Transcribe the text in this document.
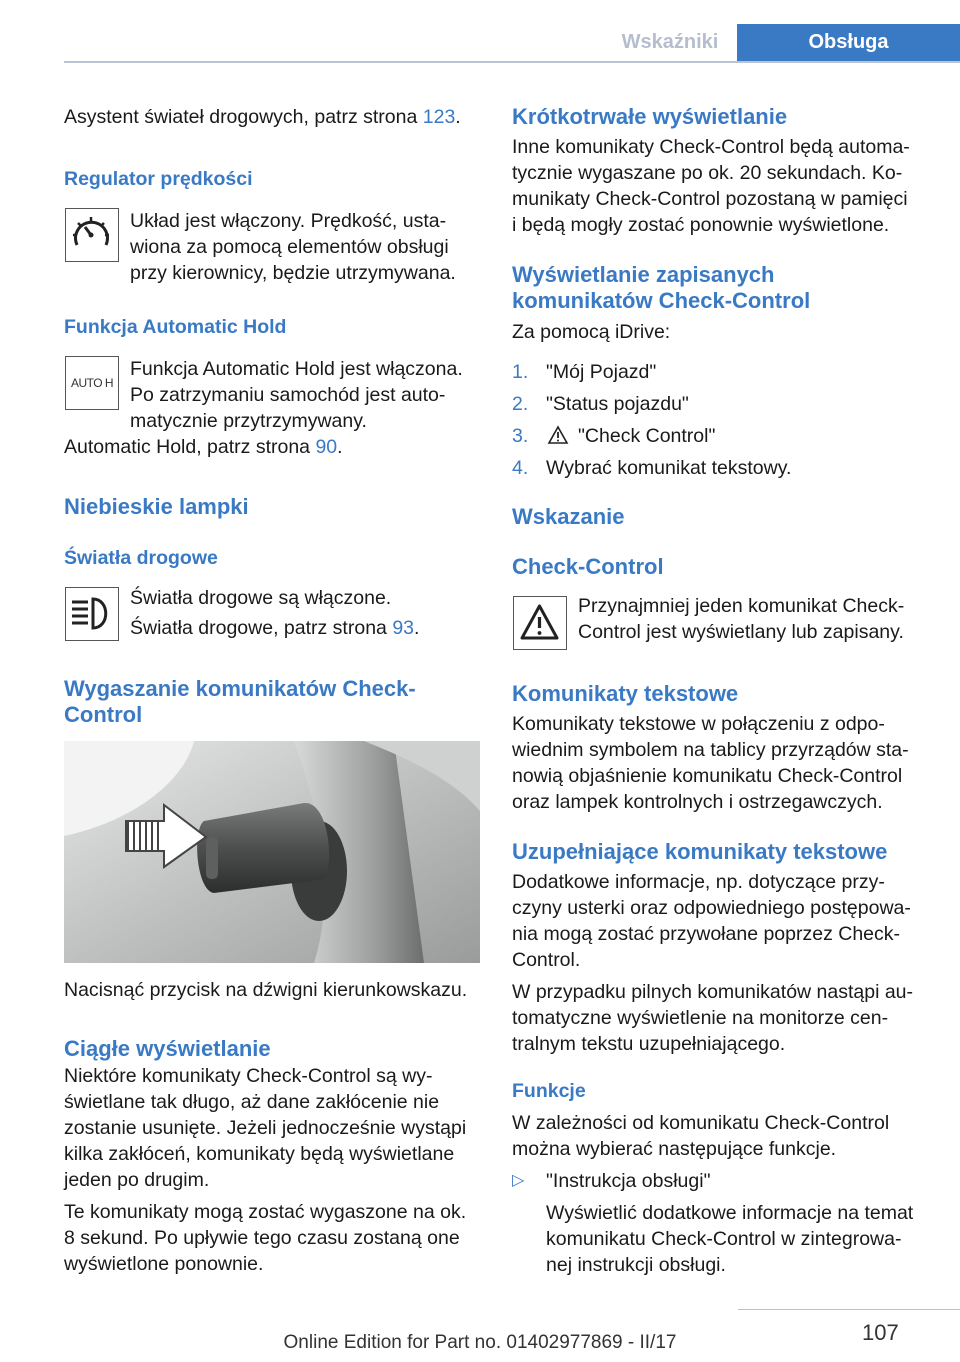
Wskaźniki	Obsługa
Asystent świateł drogowych, patrz strona 123.
Regulator prędkości
Układ jest włączony. Prędkość, usta-
wiona za pomocą elementów obsługi
przy kierownicy, będzie utrzymywana.
Funkcja Automatic Hold
AUTO H
Funkcja Automatic Hold jest włączona.
Po zatrzymaniu samochód jest auto-
matycznie przytrzymywany.
Automatic Hold, patrz strona 90.
Niebieskie lampki
Światła drogowe
Światła drogowe są włączone.
Światła drogowe, patrz strona 93.
Wygaszanie komunikatów Check-
Control
Nacisnąć przycisk na dźwigni kierunkowskazu.
Ciągłe wyświetlanie
Niektóre komunikaty Check-Control są wy-
świetlane tak długo, aż dane zakłócenie nie
zostanie usunięte. Jeżeli jednocześnie wystąpi
kilka zakłóceń, komunikaty będą wyświetlane
jeden po drugim.
Te komunikaty mogą zostać wygaszone na ok.
8 sekund. Po upływie tego czasu zostaną one
wyświetlone ponownie.
Krótkotrwałe wyświetlanie
Inne komunikaty Check-Control będą automa-
tycznie wygaszane po ok. 20 sekundach. Ko-
munikaty Check-Control pozostaną w pamięci
i będą mogły zostać ponownie wyświetlone.
Wyświetlanie zapisanych
komunikatów Check-Control
Za pomocą iDrive:
1. "Mój Pojazd"
2. "Status pojazdu"
3.	"Check Control"
4. Wybrać komunikat tekstowy.
Wskazanie
Check-Control
Przynajmniej jeden komunikat Check-
Control jest wyświetlany lub zapisany.
Komunikaty tekstowe
Komunikaty tekstowe w połączeniu z odpo-
wiednim symbolem na tablicy przyrządów sta-
nowią objaśnienie komunikatu Check-Control
oraz lampek kontrolnych i ostrzegawczych.
Uzupełniające komunikaty tekstowe
Dodatkowe informacje, np. dotyczące przy-
czyny usterki oraz odpowiedniego postępowa-
nia mogą zostać przywołane poprzez Check-
Control.
W przypadku pilnych komunikatów nastąpi au-
tomatyczne wyświetlenie na monitorze cen-
tralnym tekstu uzupełniającego.
Funkcje
W zależności od komunikatu Check-Control
można wybierać następujące funkcje.
▷ "Instrukcja obsługi"
Wyświetlić dodatkowe informacje na temat
komunikatu Check-Control w zintegrowa-
nej instrukcji obsługi.
107
Online Edition for Part no. 01402977869 - II/17
